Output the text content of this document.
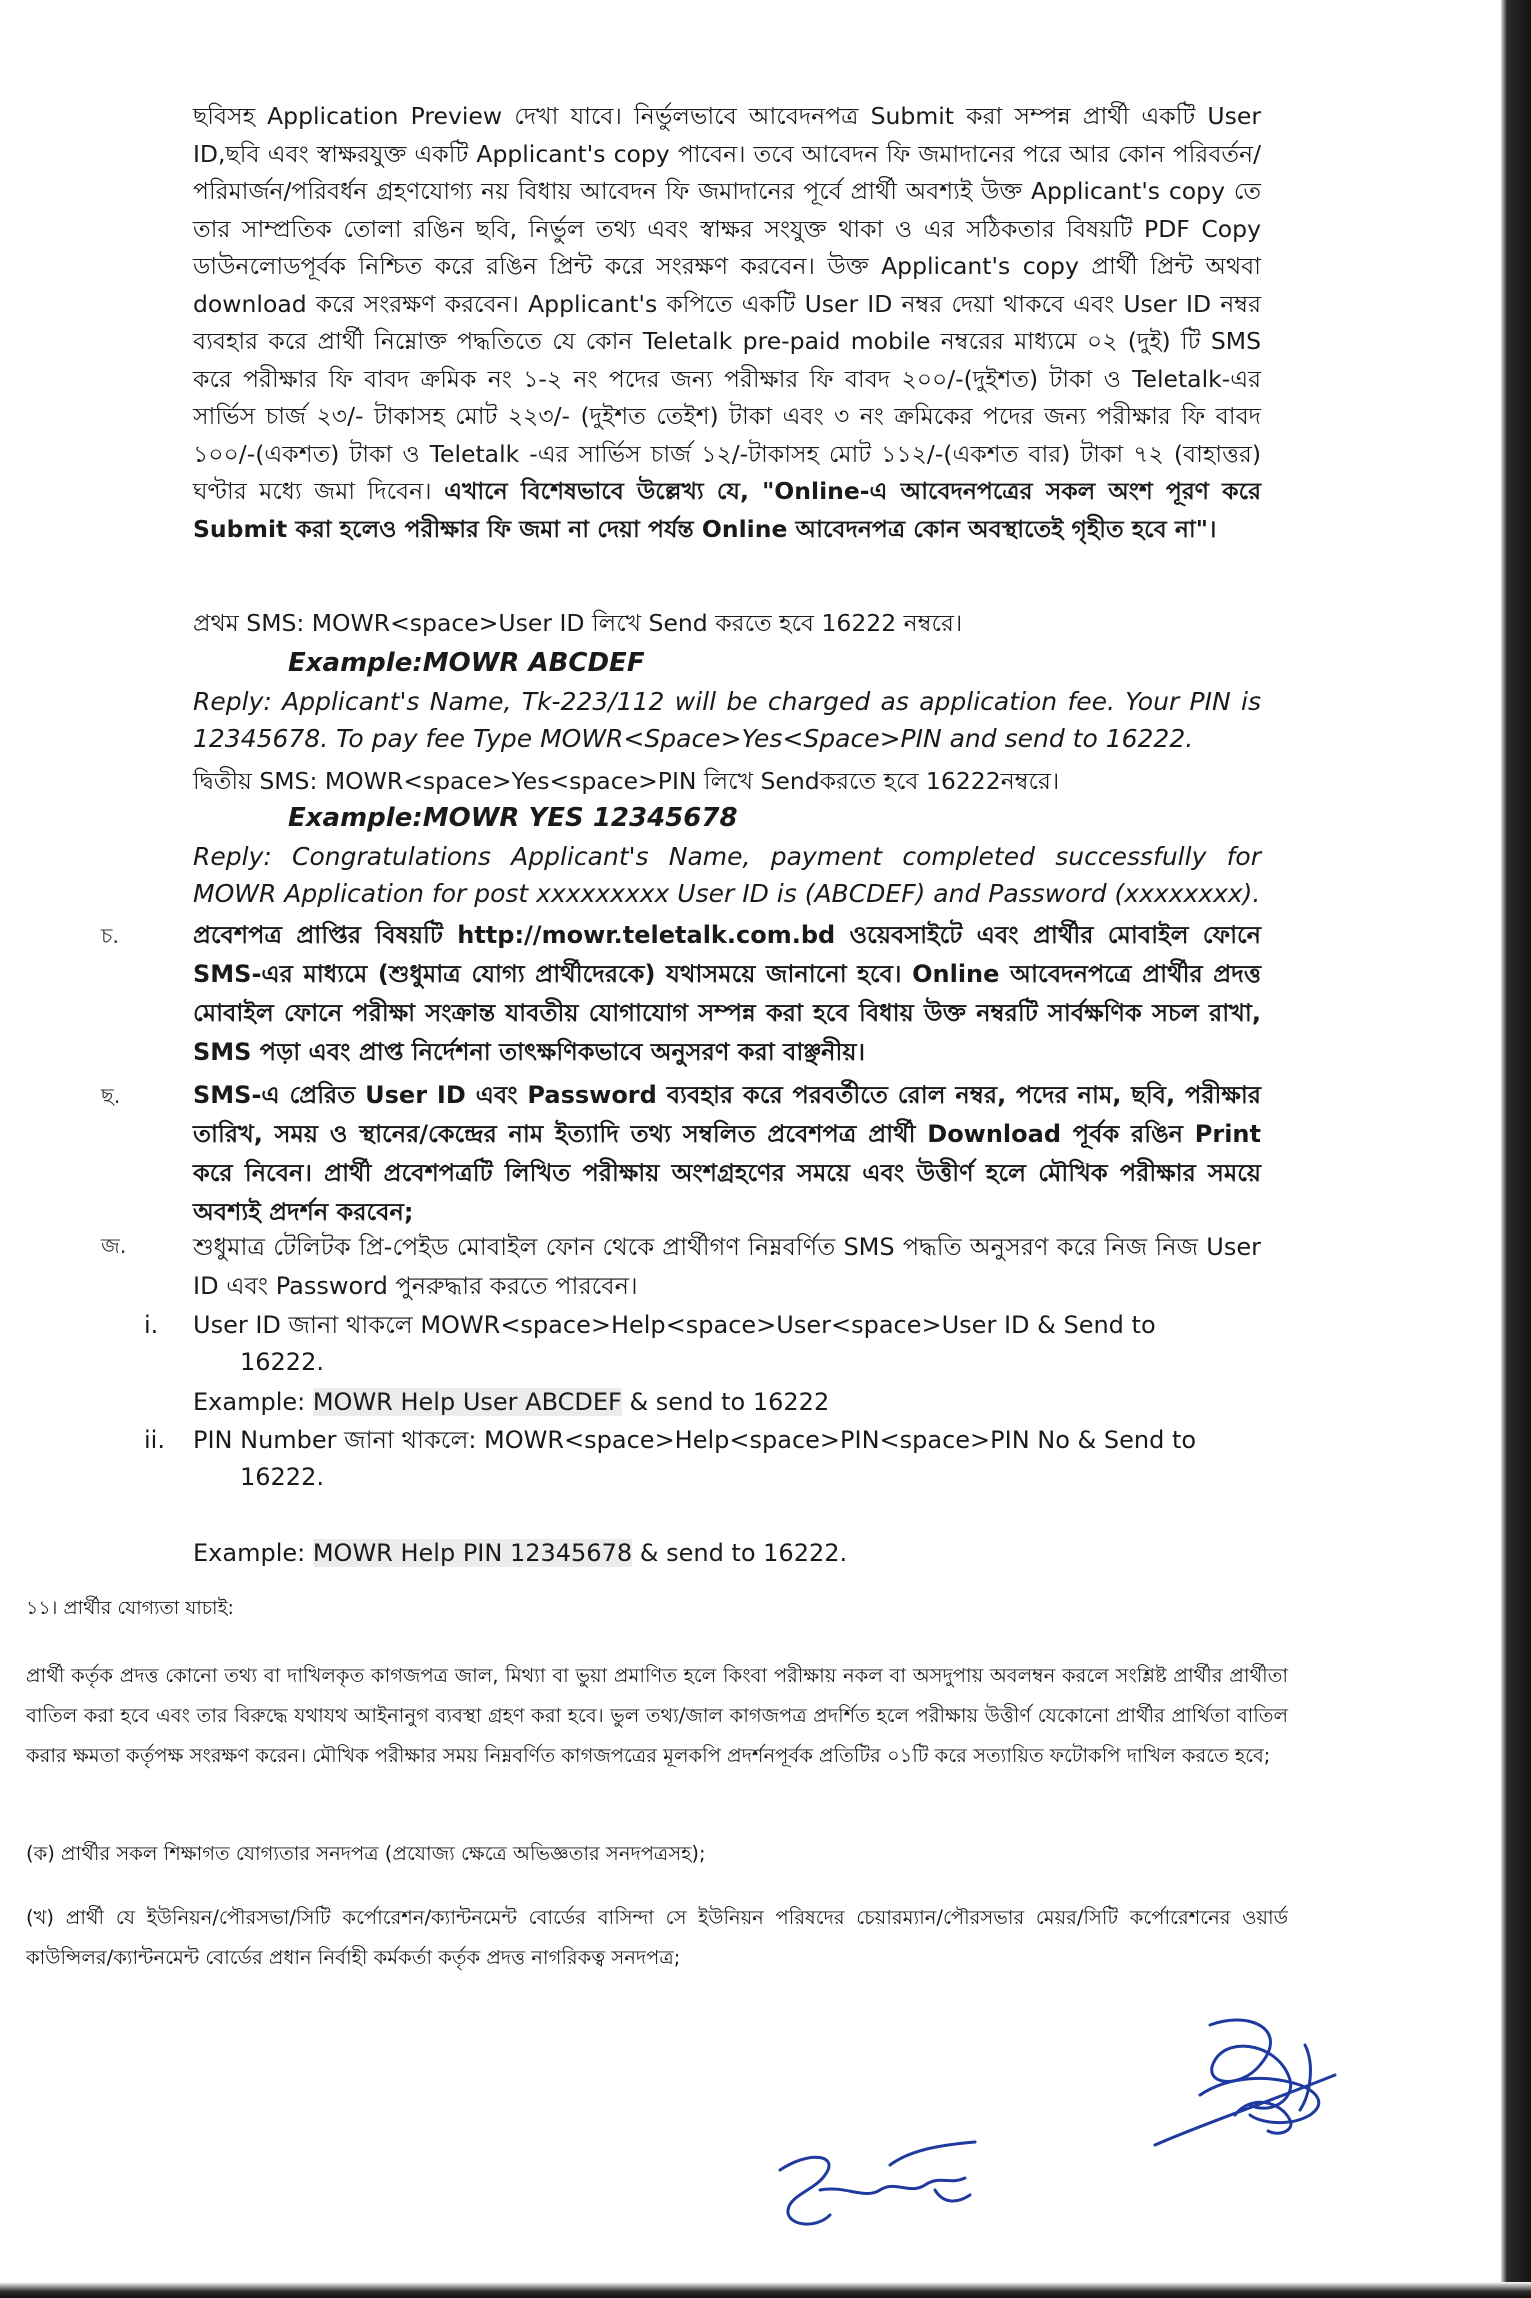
ছবিসহ Application Preview দেখা যাবে। নির্ভুলভাবে আবেদনপত্র Submit করা সম্পন্ন প্রার্থী একটি User ID,ছবি এবং স্বাক্ষরযুক্ত একটি Applicant's copy পাবেন। তবে আবেদন ফি জমাদানের পরে আর কোন পরিবর্তন/পরিমার্জন/পরিবর্ধন গ্রহণযোগ্য নয় বিধায় আবেদন ফি জমাদানের পূর্বে প্রার্থী অবশ্যই উক্ত Applicant's copy তে তার সাম্প্রতিক তোলা রঙিন ছবি, নির্ভুল তথ্য এবং স্বাক্ষর সংযুক্ত থাকা ও এর সঠিকতার বিষয়টি PDF Copy ডাউনলোডপূর্বক নিশ্চিত করে রঙিন প্রিন্ট করে সংরক্ষণ করবেন। উক্ত Applicant's copy প্রার্থী প্রিন্ট অথবা download করে সংরক্ষণ করবেন। Applicant's কপিতে একটি User ID নম্বর দেয়া থাকবে এবং User ID নম্বর ব্যবহার করে প্রার্থী নিম্নোক্ত পদ্ধতিতে যে কোন Teletalk pre-paid mobile নম্বরের মাধ্যমে ০২ (দুই) টি SMS করে পরীক্ষার ফি বাবদ ক্রমিক নং ১-২ নং পদের জন্য পরীক্ষার ফি বাবদ ২০০/-(দুইশত) টাকা ও Teletalk-এর সার্ভিস চার্জ ২৩/- টাকাসহ মোট ২২৩/- (দুইশত তেইশ) টাকা এবং ৩ নং ক্রমিকের পদের জন্য পরীক্ষার ফি বাবদ ১০০/-(একশত) টাকা ও Teletalk -এর সার্ভিস চার্জ ১২/-টাকাসহ মোট ১১২/-(একশত বার) টাকা ৭২ (বাহাত্তর) ঘণ্টার মধ্যে জমা দিবেন। এখানে বিশেষভাবে উল্লেখ্য যে, "Online-এ আবেদনপত্রের সকল অংশ পূরণ করে Submit করা হলেও পরীক্ষার ফি জমা না দেয়া পর্যন্ত Online আবেদনপত্র কোন অবস্থাতেই গৃহীত হবে না"।
প্রথম SMS: MOWR<space>User ID লিখে Send করতে হবে 16222 নম্বরে।
Example:MOWR ABCDEF
Reply: Applicant's Name, Tk-223/112 will be charged as application fee. Your PIN is 12345678. To pay fee Type MOWR<Space>Yes<Space>PIN and send to 16222.
দ্বিতীয় SMS: MOWR<space>Yes<space>PIN লিখে Sendকরতে হবে 16222নম্বরে।
Example:MOWR YES 12345678
Reply: Congratulations Applicant's Name, payment completed successfully for MOWR Application for post xxxxxxxxx User ID is (ABCDEF) and Password (xxxxxxxx).
চ.	প্রবেশপত্র প্রাপ্তির বিষয়টি http://mowr.teletalk.com.bd ওয়েবসাইটে এবং প্রার্থীর মোবাইল ফোনে SMS-এর মাধ্যমে (শুধুমাত্র যোগ্য প্রার্থীদেরকে) যথাসময়ে জানানো হবে। Online আবেদনপত্রে প্রার্থীর প্রদত্ত মোবাইল ফোনে পরীক্ষা সংক্রান্ত যাবতীয় যোগাযোগ সম্পন্ন করা হবে বিধায় উক্ত নম্বরটি সার্বক্ষণিক সচল রাখা, SMS পড়া এবং প্রাপ্ত নির্দেশনা তাৎক্ষণিকভাবে অনুসরণ করা বাঞ্ছনীয়।
ছ.	SMS-এ প্রেরিত User ID এবং Password ব্যবহার করে পরবর্তীতে রোল নম্বর, পদের নাম, ছবি, পরীক্ষার তারিখ, সময় ও স্থানের/কেন্দ্রের নাম ইত্যাদি তথ্য সম্বলিত প্রবেশপত্র প্রার্থী Download পূর্বক রঙিন Print করে নিবেন। প্রার্থী প্রবেশপত্রটি লিখিত পরীক্ষায় অংশগ্রহণের সময়ে এবং উত্তীর্ণ হলে মৌখিক পরীক্ষার সময়ে অবশ্যই প্রদর্শন করবেন;
জ.	শুধুমাত্র টেলিটক প্রি-পেইড মোবাইল ফোন থেকে প্রার্থীগণ নিম্নবর্ণিত SMS পদ্ধতি অনুসরণ করে নিজ নিজ User ID এবং Password পুনরুদ্ধার করতে পারবেন।
i. User ID জানা থাকলে MOWR<space>Help<space>User<space>User ID & Send to
16222.
Example: MOWR Help User ABCDEF & send to 16222
ii. PIN Number জানা থাকলে: MOWR<space>Help<space>PIN<space>PIN No & Send to
16222.
Example: MOWR Help PIN 12345678 & send to 16222.
১১। প্রার্থীর যোগ্যতা যাচাই:
প্রার্থী কর্তৃক প্রদত্ত কোনো তথ্য বা দাখিলকৃত কাগজপত্র জাল, মিথ্যা বা ভুয়া প্রমাণিত হলে কিংবা পরীক্ষায় নকল বা অসদুপায় অবলম্বন করলে সংশ্লিষ্ট প্রার্থীর প্রার্থীতা বাতিল করা হবে এবং তার বিরুদ্ধে যথাযথ আইনানুগ ব্যবস্থা গ্রহণ করা হবে। ভুল তথ্য/জাল কাগজপত্র প্রদর্শিত হলে পরীক্ষায় উত্তীর্ণ যেকোনো প্রার্থীর প্রার্থিতা বাতিল করার ক্ষমতা কর্তৃপক্ষ সংরক্ষণ করেন। মৌখিক পরীক্ষার সময় নিম্নবর্ণিত কাগজপত্রের মূলকপি প্রদর্শনপূর্বক প্রতিটির ০১টি করে সত্যায়িত ফটোকপি দাখিল করতে হবে;
(ক) প্রার্থীর সকল শিক্ষাগত যোগ্যতার সনদপত্র (প্রযোজ্য ক্ষেত্রে অভিজ্ঞতার সনদপত্রসহ);
(খ) প্রার্থী যে ইউনিয়ন/পৌরসভা/সিটি কর্পোরেশন/ক্যান্টনমেন্ট বোর্ডের বাসিন্দা সে ইউনিয়ন পরিষদের চেয়ারম্যান/পৌরসভার মেয়র/সিটি কর্পোরেশনের ওয়ার্ড কাউন্সিলর/ক্যান্টনমেন্ট বোর্ডের প্রধান নির্বাহী কর্মকর্তা কর্তৃক প্রদত্ত নাগরিকত্ব সনদপত্র;
